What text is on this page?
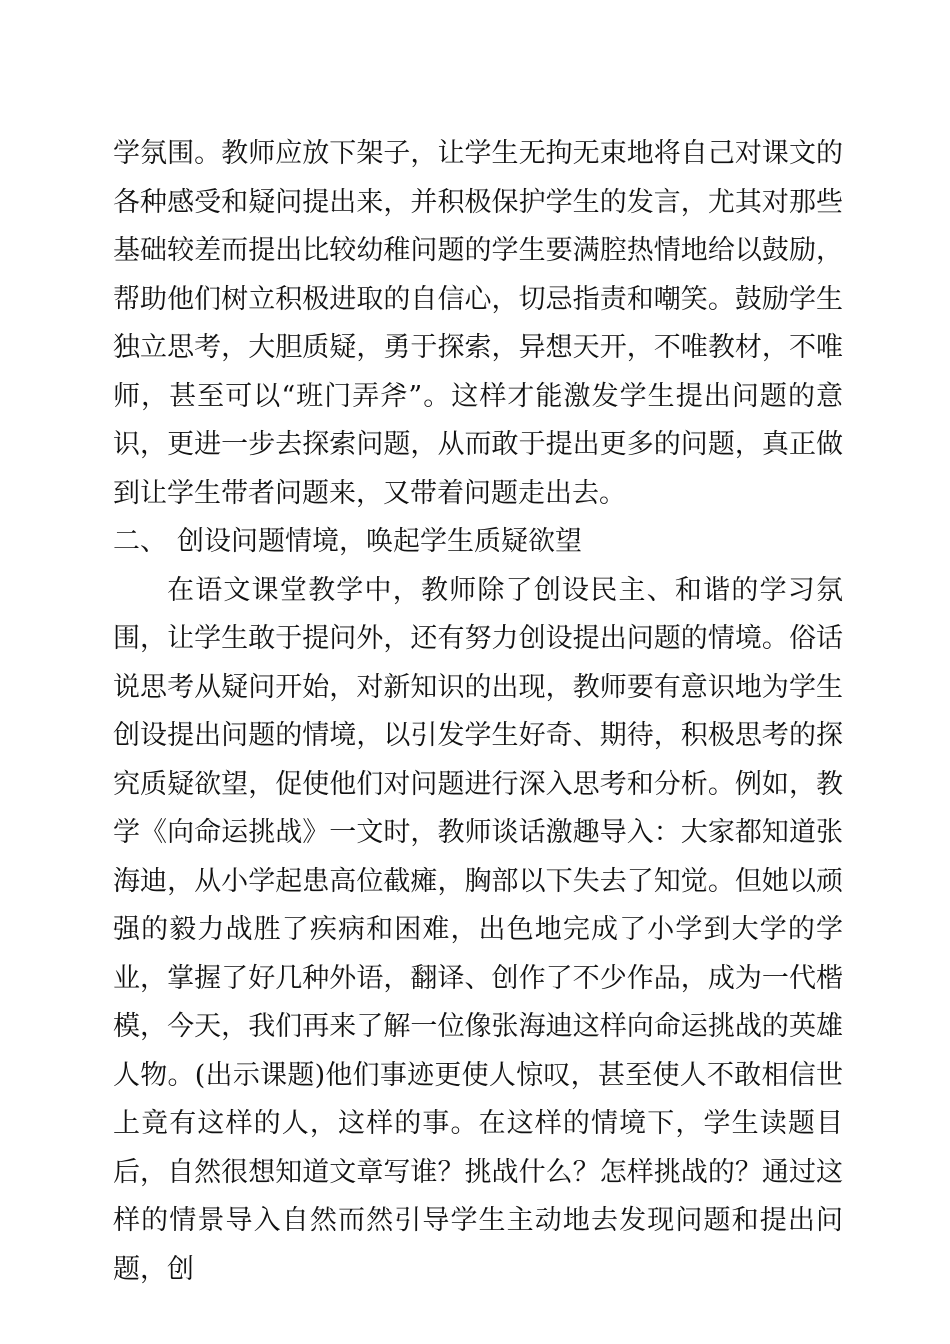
学氛围。教师应放下架子，让学生无拘无束地将自己对课文的各种感受和疑问提出来，并积极保护学生的发言，尤其对那些基础较差而提出比较幼稚问题的学生要满腔热情地给以鼓励，帮助他们树立积极进取的自信心，切忌指责和嘲笑。鼓励学生独立思考，大胆质疑，勇于探索，异想天开，不唯教材，不唯师，甚至可以“班门弄斧”。这样才能激发学生提出问题的意识，更进一步去探索问题，从而敢于提出更多的问题，真正做到让学生带者问题来，又带着问题走出去。

二、 创设问题情境，唤起学生质疑欲望

在语文课堂教学中，教师除了创设民主、和谐的学习氛围，让学生敢于提问外，还有努力创设提出问题的情境。俗话说思考从疑问开始，对新知识的出现，教师要有意识地为学生创设提出问题的情境，以引发学生好奇、期待，积极思考的探究质疑欲望，促使他们对问题进行深入思考和分析。例如，教学《向命运挑战》一文时，教师谈话激趣导入：大家都知道张海迪，从小学起患高位截瘫，胸部以下失去了知觉。但她以顽强的毅力战胜了疾病和困难，出色地完成了小学到大学的学业，掌握了好几种外语，翻译、创作了不少作品，成为一代楷模，今天，我们再来了解一位像张海迪这样向命运挑战的英雄人物。(出示课题)他们事迹更使人惊叹，甚至使人不敢相信世上竟有这样的人，这样的事。在这样的情境下，学生读题目后，自然很想知道文章写谁？挑战什么？怎样挑战的？通过这样的情景导入自然而然引导学生主动地去发现问题和提出问题，创
